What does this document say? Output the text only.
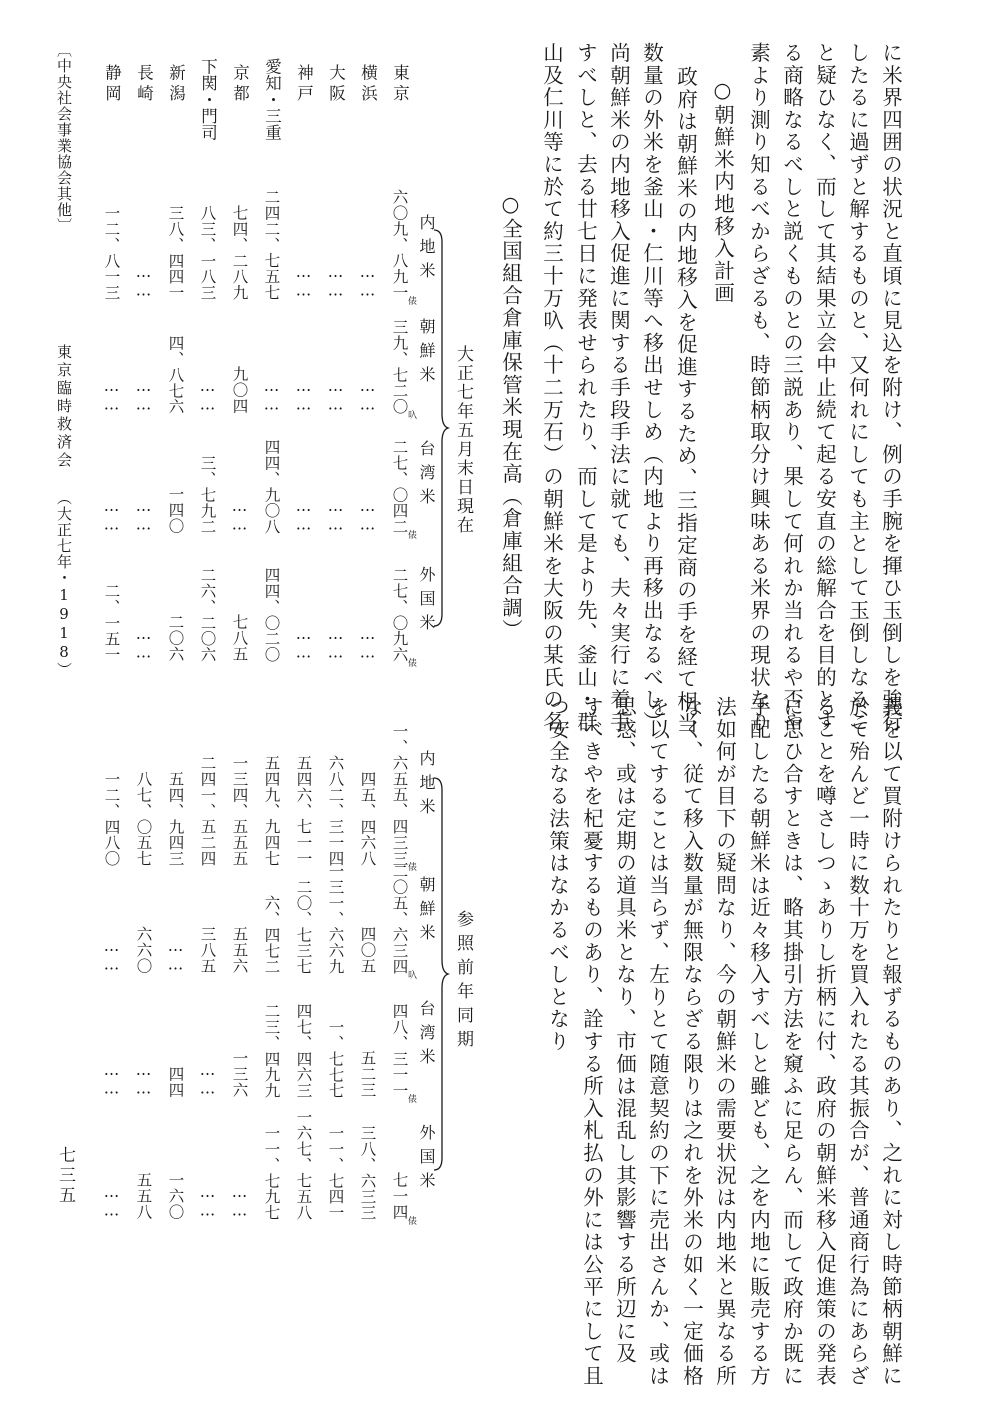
に米界四囲の状況と直頃に見込を附け、例の手腕を揮ひ玉倒しを強行
したるに過ずと解するものと、又何れにしても主として玉倒しなるこ
と疑ひなく、而して其結果立会中止続て起る安直の総解合を目的とす
る商略なるべしと説くものとの三説あり、果して何れか当れるや否や
素より測り知るべからざるも、時節柄取分け興味ある米界の現状なり
○朝鮮米内地移入計画
政府は朝鮮米の内地移入を促進するため、三指定商の手を経て相当
数量の外米を釜山・仁川等へ移出せしめ（内地より再移出なるべし）
尚朝鮮米の内地移入促進に関する手段手法に就ても、夫々実行に着手
すべしと、去る廿七日に発表せられたり、而して是より先、釜山・群
山及仁川等に於て約三十万叺（十二万石）の朝鮮米を大阪の某氏の名
○全国組合倉庫保管米現在高（倉庫組合調）
義を以て買附けられたりと報ずるものあり、之れに対し時節柄朝鮮に
於て殆んど一時に数十万を買入れたる其振合が、普通商行為にあらざ
ることを噂さしつゝありし折柄に付、政府の朝鮮米移入促進策の発表
に思ひ合すときは、略其掛引方法を窺ふに足らん、而して政府か既に
手配したる朝鮮米は近々移入すべしと雖ども、之を内地に販売する方
法如何が目下の疑問なり、今の朝鮮米の需要状況は内地米と異なる所
なく、従て移入数量が無限ならざる限りは之れを外米の如く一定価格
を以てすることは当らず、左りとて随意契約の下に売出さんか、或は
思惑、或は定期の道具米となり、市価は混乱し其影響する所辺に及
すべきやを杞憂するものあり、詮する所入札払の外には公平にして且
つ安全なる法策はなかるべしとなり
東京
横浜
大阪
神戸
愛知・三重
京都
下関・門司
新潟
長崎
静岡
大正七年五月末日現在
参照前年同期
内地米
朝鮮米
台湾米
外国米
内地米
朝鮮米
台湾米
外国米
俵
叺
俵
俵
俵
叺
俵
俵
六〇九、八九一
三九、七二〇
二七、〇四二
二七、〇九六
……
……
……
……
……
……
……
……
……
……
……
……
二四二、七五七
……
四四、九〇八
四四、〇二〇
七四、二八九
九〇四
……
七八五
八三、一八三
……
三、七九二
二六、二〇六
三八、四四一
四、八七六
一四〇
二〇六
……
……
……
……
一二、八一三
……
……
二、一五一
一、六五五、四三三
二〇五、六三四
四八、三一一
七一四
四五、四六八
四〇五
五二三
三八、六三三
六八二、三一四
一三一、六六九
一、七七七
一一、七四一
五四六、七一一
二〇、七三七
四七、四六三
一六七、七五八
五四九、九四七
六、四七二
二三、四九九
一一、七九七
一三四、五五五
五五六
一三六
……
二四一、五二四
三八五
……
……
五四、九四三
……
四四
一六〇
八七、〇五七
六六〇
……
五五八
一二、四八〇
……
……
……
〔中央社会事業協会其他〕
東京臨時救済会
（大正七年・1918）
七三五
